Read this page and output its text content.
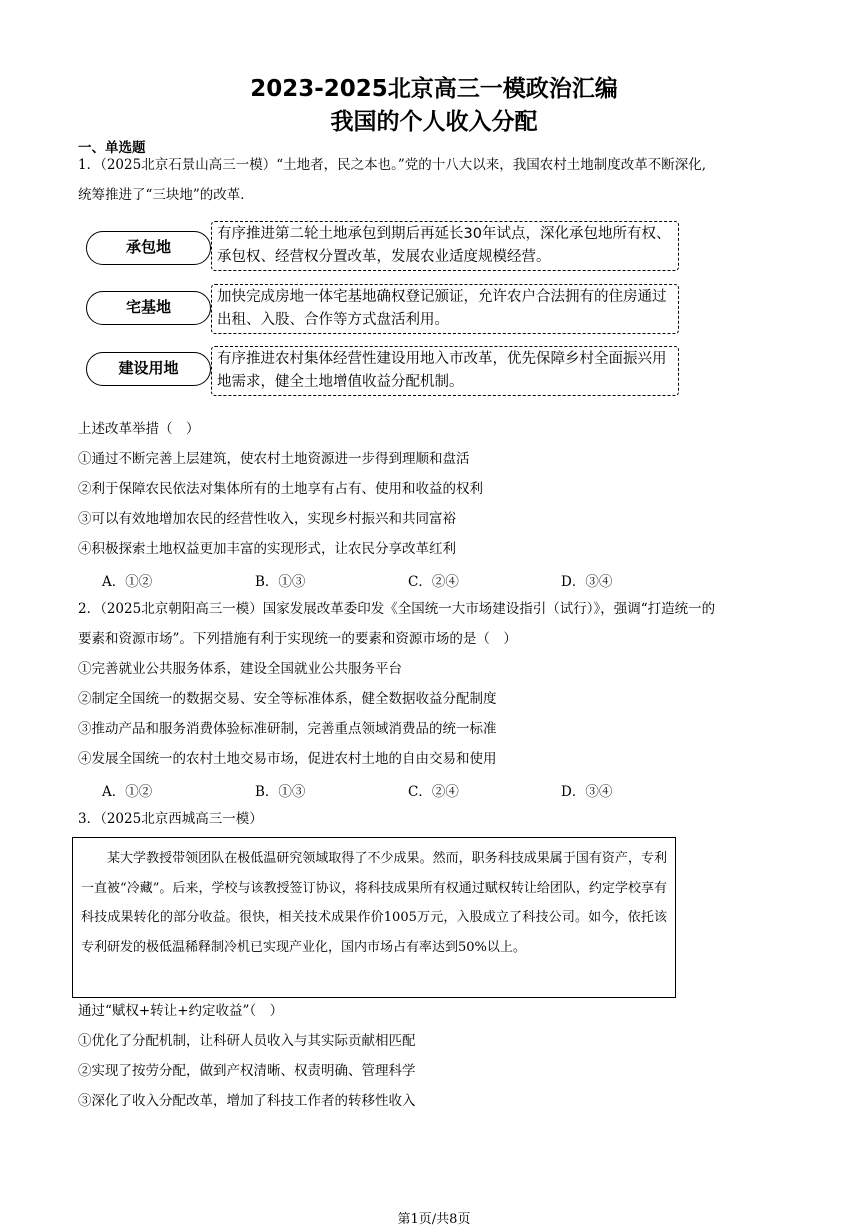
2023-2025北京高三一模政治汇编
我国的个人收入分配
一、单选题
1．（2025北京石景山高三一模）“土地者，民之本也。”党的十八大以来，我国农村土地制度改革不断深化,
统筹推进了“三块地”的改革．
承包地
有序推进第二轮土地承包到期后再延长30年试点，深化承包地所有权、承包权、经营权分置改革，发展农业适度规模经营。
宅基地
加快完成房地一体宅基地确权登记颁证，允许农户合法拥有的住房通过出租、入股、合作等方式盘活利用。
建设用地	有序推进农村集体经营性建设用地入市改革，优先保障乡村全面振兴用地需求，健全土地增值收益分配机制。
上述改革举措（　）
①通过不断完善上层建筑，使农村土地资源进一步得到理顺和盘活
②利于保障农民依法对集体所有的土地享有占有、使用和收益的权利
③可以有效地增加农民的经营性收入，实现乡村振兴和共同富裕
④积极探索土地权益更加丰富的实现形式，让农民分享改革红利
A．①②	B．①③	C．②④	D．③④
2．（2025北京朝阳高三一模）国家发展改革委印发《全国统一大市场建设指引（试行）》，强调“打造统一的
要素和资源市场”。下列措施有利于实现统一的要素和资源市场的是（　）
①完善就业公共服务体系，建设全国就业公共服务平台
②制定全国统一的数据交易、安全等标准体系，健全数据收益分配制度
③推动产品和服务消费体验标准研制，完善重点领域消费品的统一标准
④发展全国统一的农村土地交易市场，促进农村土地的自由交易和使用
A．①②	B．①③	C．②④	D．③④
3．（2025北京西城高三一模）

某大学教授带领团队在极低温研究领域取得了不少成果。然而，职务科技成果属于国有资产，专利一直被“冷藏”。后来，学校与该教授签订协议，将科技成果所有权通过赋权转让给团队，约定学校享有科技成果转化的部分收益。很快，相关技术成果作价1005万元，入股成立了科技公司。如今，依托该专利研发的极低温稀释制冷机已实现产业化，国内市场占有率达到50%以上。

通过“赋权+转让+约定收益”（　）
①优化了分配机制，让科研人员收入与其实际贡献相匹配
②实现了按劳分配，做到产权清晰、权责明确、管理科学
③深化了收入分配改革，增加了科技工作者的转移性收入
第1页/共8页
